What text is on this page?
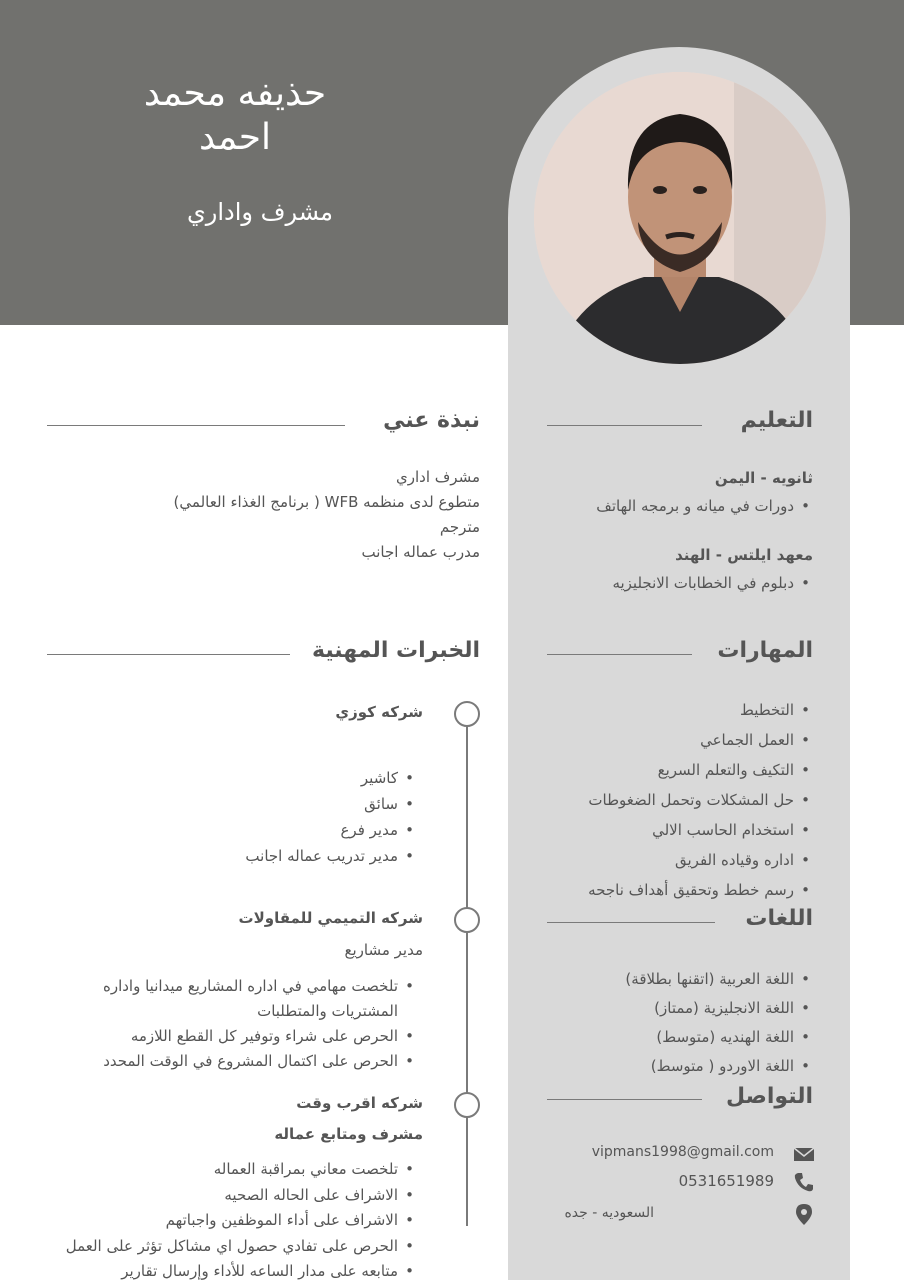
حذيفه محمد
احمد
مشرف واداري
نبذة عني
مشرف اداري
متطوع لدى منظمه WFB ( برنامج الغذاء العالمي)
مترجم
مدرب عماله اجانب
التعليم
ثانويه - اليمن
• دورات في ميانه و برمجه الهاتف
معهد ايلتس - الهند
• دبلوم في الخطابات الانجليزيه
المهارات
• التخطيط
• العمل الجماعي
• التكيف والتعلم السريع
• حل المشكلات وتحمل الضغوطات
• استخدام الحاسب الالي
• اداره وقياده الفريق
• رسم خطط وتحقيق أهداف ناجحه
اللغات
• اللغة العربية (اتقنها بطلاقة)
• اللغة الانجليزية (ممتاز)
• اللغة الهنديه (متوسط)
• اللغة الاوردو ( متوسط)
التواصل
vipmans1998@gmail.com
0531651989
السعوديه - جده
الخبرات المهنية
شركه كوزي
• كاشير
• سائق
• مدير فرع
• مدير تدريب عماله اجانب
شركه التميمي للمقاولات
مدير مشاريع
• تلخصت مهامي في اداره المشاريع ميدانيا واداره
المشتريات والمتطلبات
• الحرص على شراء وتوفير كل القطع اللازمه
• الحرص على اكتمال المشروع في الوقت المحدد
شركه اقرب وقت
مشرف ومتابع عماله
• تلخصت معاني بمراقبة العماله
• الاشراف على الحاله الصحيه
• الاشراف على أداء الموظفين واجباتهم
• الحرص على تفادي حصول اي مشاكل تؤثر على العمل
• متابعه على مدار الساعه للأداء وإرسال تقارير
